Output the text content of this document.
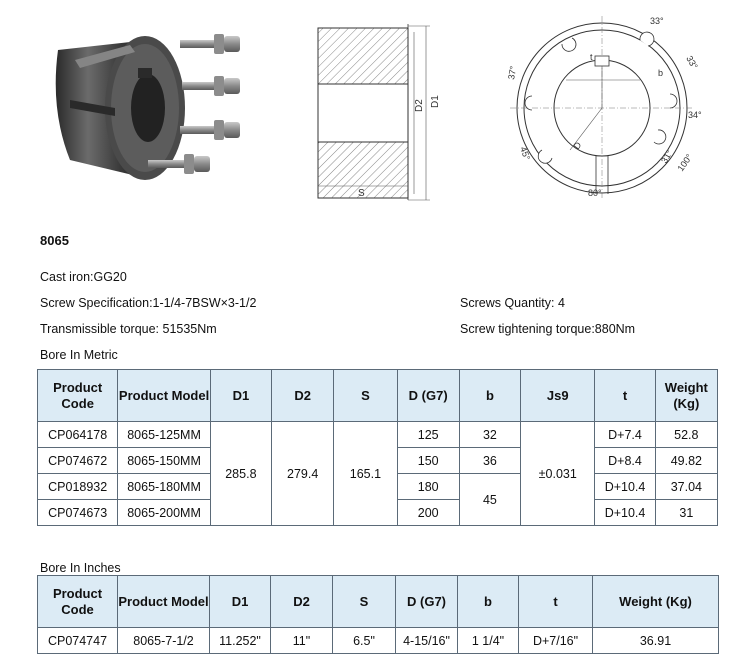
D2 D1
S
t
b
D
33°
33°
37°
34°
45°	31°
80°
100°
8065
Cast iron:GG20
Screw Specification:1-1/4-7BSW×3-1/2	Screws Quantity: 4
Transmissible torque: 51535Nm	Screw tightening torque:880Nm
Bore In Metric
Product Code	Product Model	D1	D2	S	D (G7)	b	Js9	t	Weight (Kg)
CP064178	8065-125MM	285.8	279.4	165.1	125	32	±0.031	D+7.4	52.8
CP074672	8065-150MM				150	36		D+8.4	49.82
CP018932	8065-180MM				180	45		D+10.4	37.04
CP074673	8065-200MM				200			D+10.4	31
Bore In Inches
Product Code	Product Model	D1	D2	S	D (G7)	b	t	Weight (Kg)
CP074747	8065-7-1/2	11.252"	11"	6.5"	4-15/16"	1 1/4"	D+7/16"	36.91
